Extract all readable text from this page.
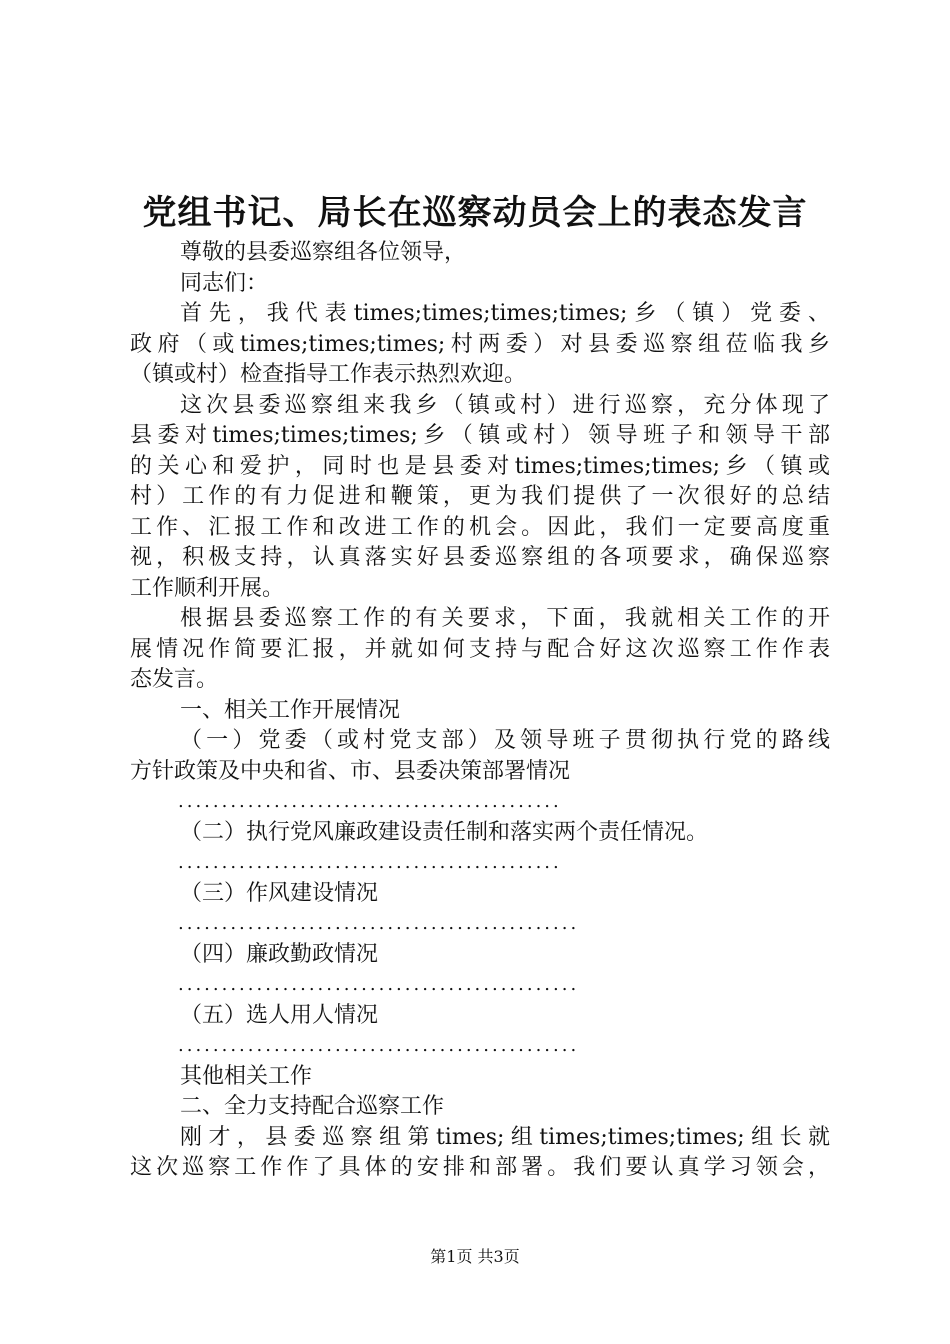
党组书记、局长在巡察动员会上的表态发言
尊敬的县委巡察组各位领导，
同志们：
首先，我代表times;times;times;times;乡（镇）党委、
政府（或times;times;times;村两委）对县委巡察组莅临我乡
（镇或村）检查指导工作表示热烈欢迎。
这次县委巡察组来我乡（镇或村）进行巡察，充分体现了
县委对times;times;times;乡（镇或村）领导班子和领导干部
的关心和爱护，同时也是县委对times;times;times;乡（镇或
村）工作的有力促进和鞭策，更为我们提供了一次很好的总结
工作、汇报工作和改进工作的机会。因此，我们一定要高度重
视，积极支持，认真落实好县委巡察组的各项要求，确保巡察
工作顺利开展。
根据县委巡察工作的有关要求，下面，我就相关工作的开
展情况作简要汇报，并就如何支持与配合好这次巡察工作作表
态发言。
一、相关工作开展情况
（一）党委（或村党支部）及领导班子贯彻执行党的路线
方针政策及中央和省、市、县委决策部署情况
............................................
（二）执行党风廉政建设责任制和落实两个责任情况。
............................................
（三）作风建设情况
..............................................
（四）廉政勤政情况
..............................................
（五）选人用人情况
..............................................
其他相关工作
二、全力支持配合巡察工作
刚才，县委巡察组第times;组times;times;times;组长就
这次巡察工作作了具体的安排和部署。我们要认真学习领会，
第1页 共3页
